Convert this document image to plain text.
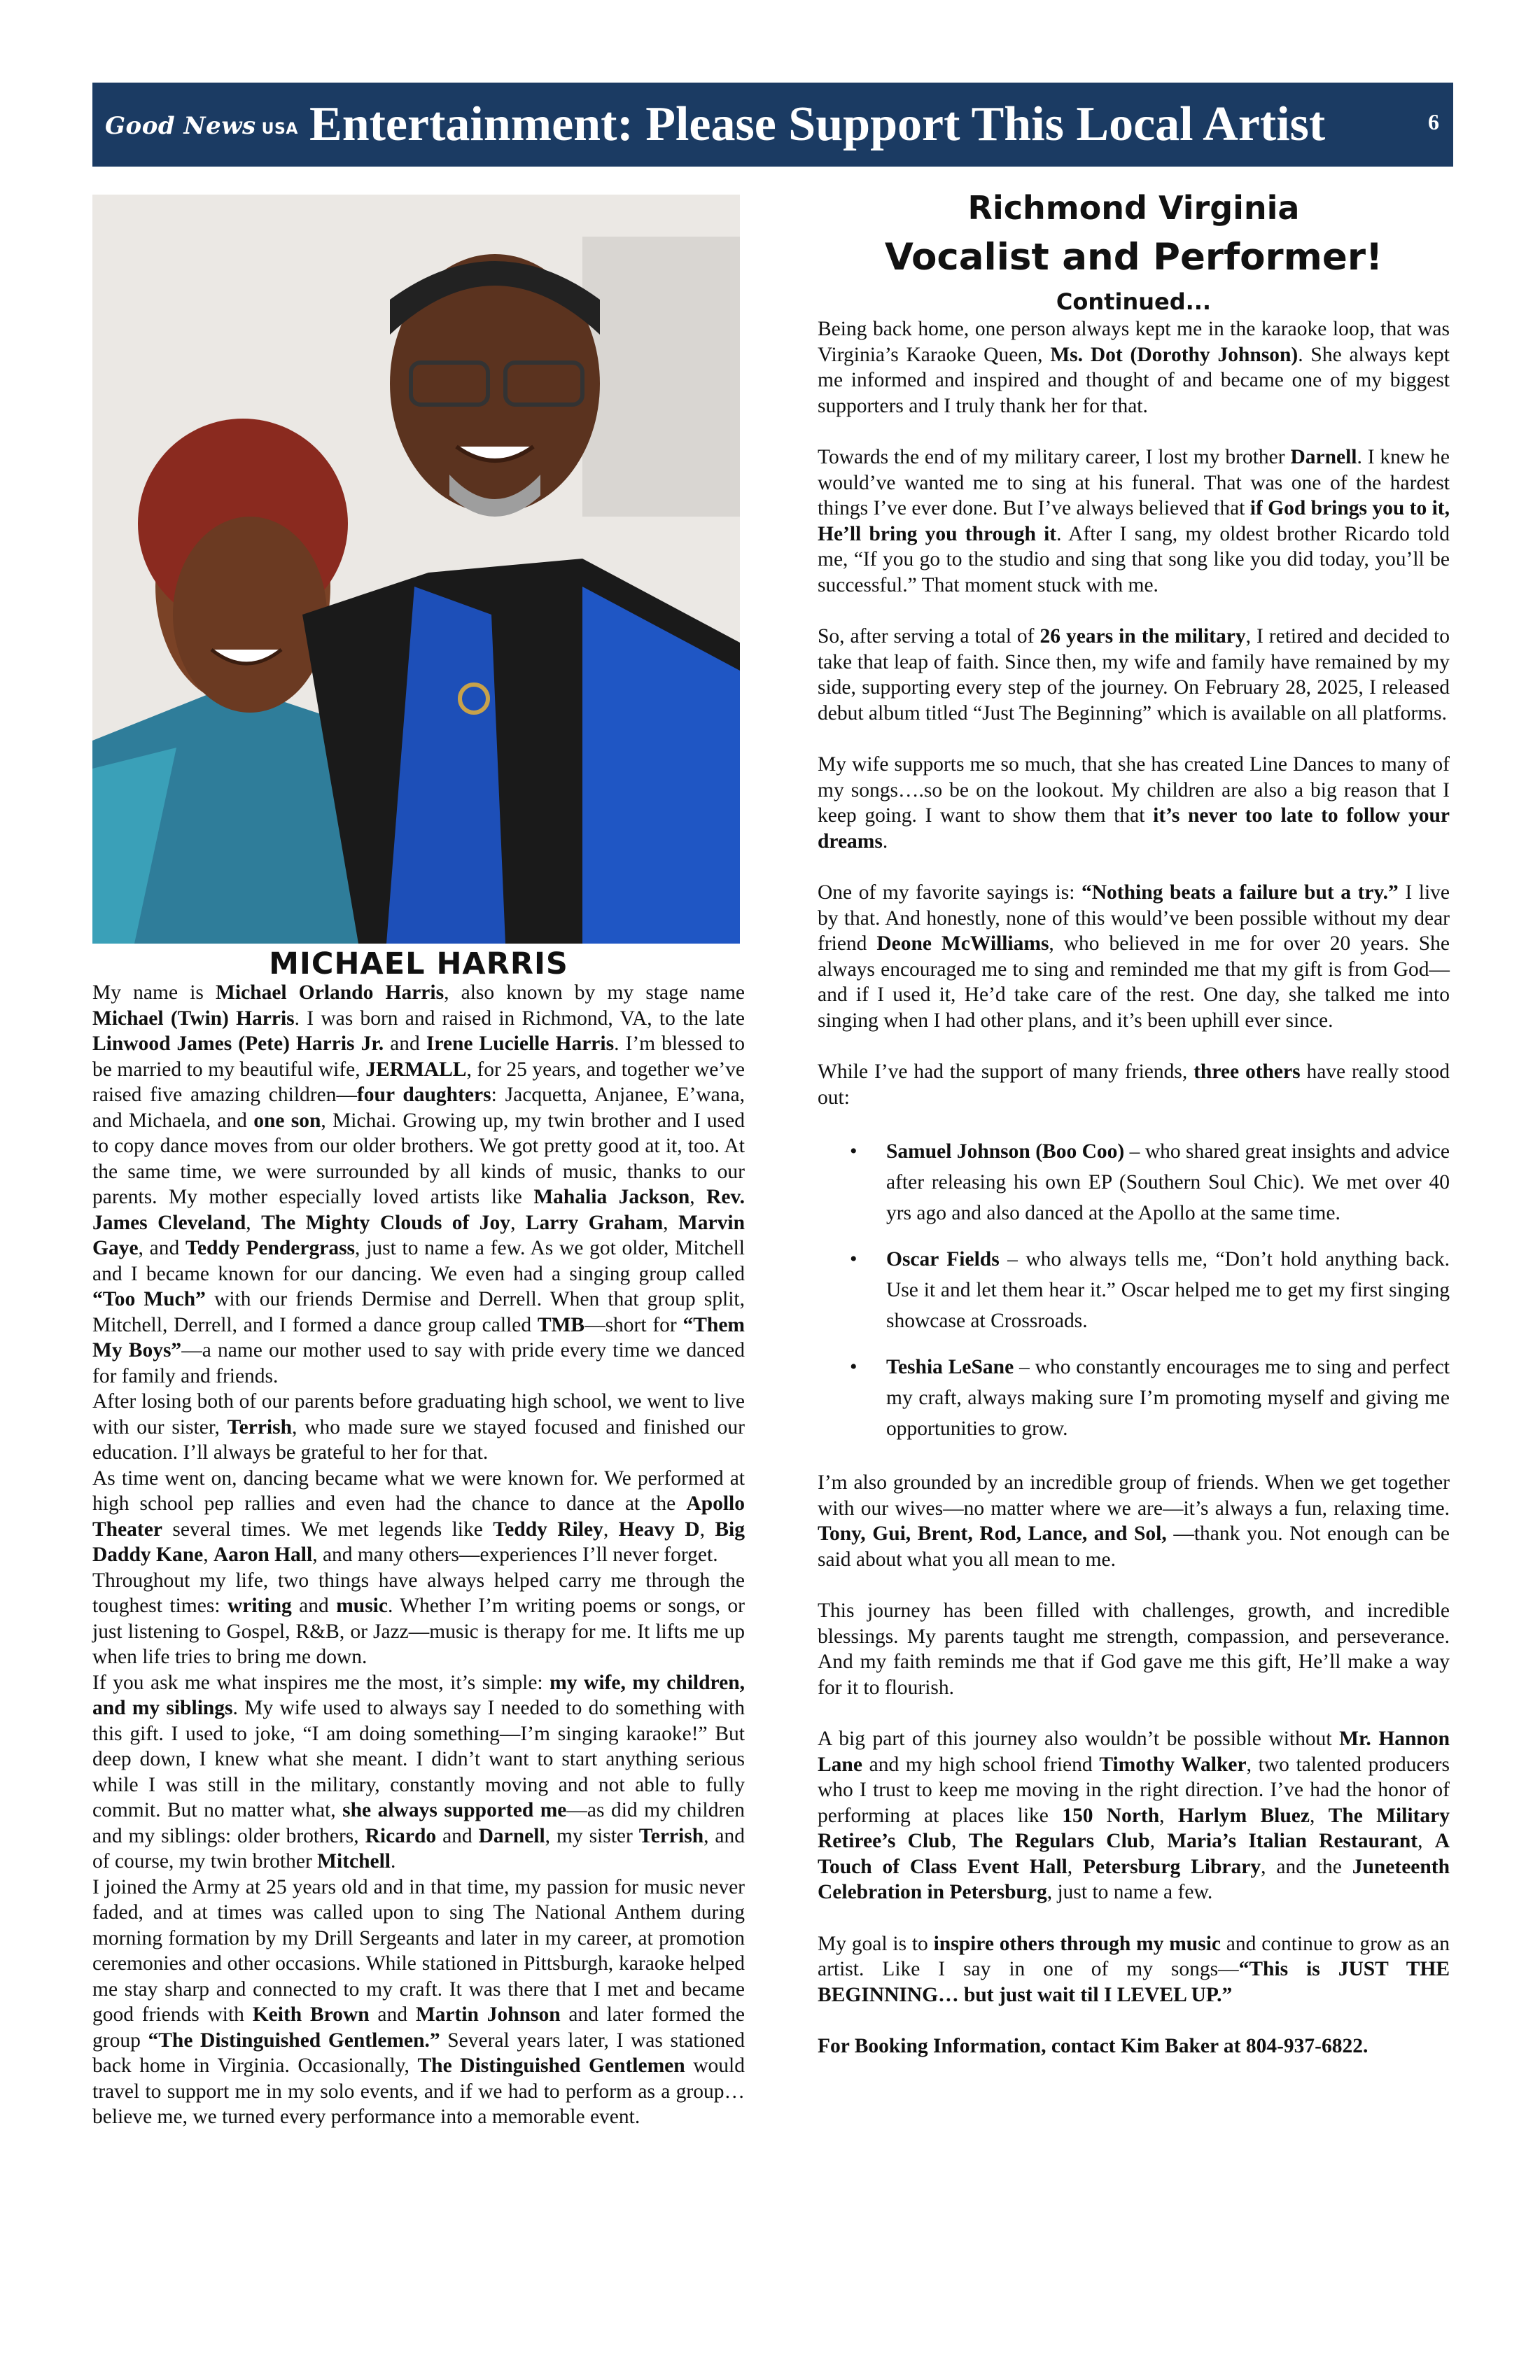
Good News USA Entertainment: Please Support This Local Artist	6
MICHAEL HARRIS

My name is Michael Orlando Harris, also known by my stage name Michael (Twin) Harris. I was born and raised in Richmond, VA, to the late Linwood James (Pete) Harris Jr. and Irene Lucielle Harris. I’m blessed to be married to my beautiful wife, JERMALL, for 25 years, and together we’ve raised five amazing children—four daughters: Jacquetta, Anjanee, E’wana, and Michaela, and one son, Michai. Growing up, my twin brother and I used to copy dance moves from our older brothers. We got pretty good at it, too. At the same time, we were surrounded by all kinds of music, thanks to our parents. My mother especially loved artists like Mahalia Jackson, Rev. James Cleveland, The Mighty Clouds of Joy, Larry Graham, Marvin Gaye, and Teddy Pendergrass, just to name a few. As we got older, Mitchell and I became known for our dancing. We even had a singing group called “Too Much” with our friends Dermise and Derrell. When that group split, Mitchell, Derrell, and I formed a dance group called TMB—short for “Them My Boys”—a name our mother used to say with pride every time we danced for family and friends.

After losing both of our parents before graduating high school, we went to live with our sister, Terrish, who made sure we stayed focused and finished our education. I’ll always be grateful to her for that.

As time went on, dancing became what we were known for. We performed at high school pep rallies and even had the chance to dance at the Apollo Theater several times. We met legends like Teddy Riley, Heavy D, Big Daddy Kane, Aaron Hall, and many others—experiences I’ll never forget.

Throughout my life, two things have always helped carry me through the toughest times: writing and music. Whether I’m writing poems or songs, or just listening to Gospel, R&B, or Jazz—music is therapy for me. It lifts me up when life tries to bring me down.

If you ask me what inspires me the most, it’s simple: my wife, my children, and my siblings. My wife used to always say I needed to do something with this gift. I used to joke, “I am doing something—I’m singing karaoke!” But deep down, I knew what she meant. I didn’t want to start anything serious while I was still in the military, constantly moving and not able to fully commit. But no matter what, she always supported me—as did my children and my siblings: older brothers, Ricardo and Darnell, my sister Terrish, and of course, my twin brother Mitchell.

I joined the Army at 25 years old and in that time, my passion for music never faded, and at times was called upon to sing The National Anthem during morning formation by my Drill Sergeants and later in my career, at promotion ceremonies and other occasions. While stationed in Pittsburgh, karaoke helped me stay sharp and connected to my craft. It was there that I met and became good friends with Keith Brown and Martin Johnson and later formed the group “The Distinguished Gentlemen.” Several years later, I was stationed back home in Virginia. Occasionally, The Distinguished Gentlemen would travel to support me in my solo events, and if we had to perform as a group… believe me, we turned every performance into a memorable event.

Richmond Virginia
Vocalist and Performer!
Continued...

Being back home, one person always kept me in the karaoke loop, that was Virginia’s Karaoke Queen, Ms. Dot (Dorothy Johnson). She always kept me informed and inspired and thought of and became one of my biggest supporters and I truly thank her for that.

Towards the end of my military career, I lost my brother Darnell. I knew he would’ve wanted me to sing at his funeral. That was one of the hardest things I’ve ever done. But I’ve always believed that if God brings you to it, He’ll bring you through it. After I sang, my oldest brother Ricardo told me, “If you go to the studio and sing that song like you did today, you’ll be successful.” That moment stuck with me.

So, after serving a total of 26 years in the military, I retired and decided to take that leap of faith. Since then, my wife and family have remained by my side, supporting every step of the journey. On February 28, 2025, I released debut album titled “Just The Beginning” which is available on all platforms.

My wife supports me so much, that she has created Line Dances to many of my songs….so be on the lookout. My children are also a big reason that I keep going. I want to show them that it’s never too late to follow your dreams.

One of my favorite sayings is: “Nothing beats a failure but a try.” I live by that. And honestly, none of this would’ve been possible without my dear friend Deone McWilliams, who believed in me for over 20 years. She always encouraged me to sing and reminded me that my gift is from God—and if I used it, He’d take care of the rest. One day, she talked me into singing when I had other plans, and it’s been uphill ever since.

While I’ve had the support of many friends, three others have really stood out:

• Samuel Johnson (Boo Coo) – who shared great insights and advice after releasing his own EP (Southern Soul Chic). We met over 40 yrs ago and also danced at the Apollo at the same time.
• Oscar Fields – who always tells me, “Don’t hold anything back. Use it and let them hear it.” Oscar helped me to get my first singing showcase at Crossroads.
• Teshia LeSane – who constantly encourages me to sing and perfect my craft, always making sure I’m promoting myself and giving me opportunities to grow.

I’m also grounded by an incredible group of friends. When we get together with our wives—no matter where we are—it’s always a fun, relaxing time. Tony, Gui, Brent, Rod, Lance, and Sol, —thank you. Not enough can be said about what you all mean to me.

This journey has been filled with challenges, growth, and incredible blessings. My parents taught me strength, compassion, and perseverance. And my faith reminds me that if God gave me this gift, He’ll make a way for it to flourish.

A big part of this journey also wouldn’t be possible without Mr. Hannon Lane and my high school friend Timothy Walker, two talented producers who I trust to keep me moving in the right direction. I’ve had the honor of performing at places like 150 North, Harlym Bluez, The Military Retiree’s Club, The Regulars Club, Maria’s Italian Restaurant, A Touch of Class Event Hall, Petersburg Library, and the Juneteenth Celebration in Petersburg, just to name a few.

My goal is to inspire others through my music and continue to grow as an artist. Like I say in one of my songs—“This is JUST THE BEGINNING… but just wait til I LEVEL UP.”

For Booking Information, contact Kim Baker at 804-937-6822.
